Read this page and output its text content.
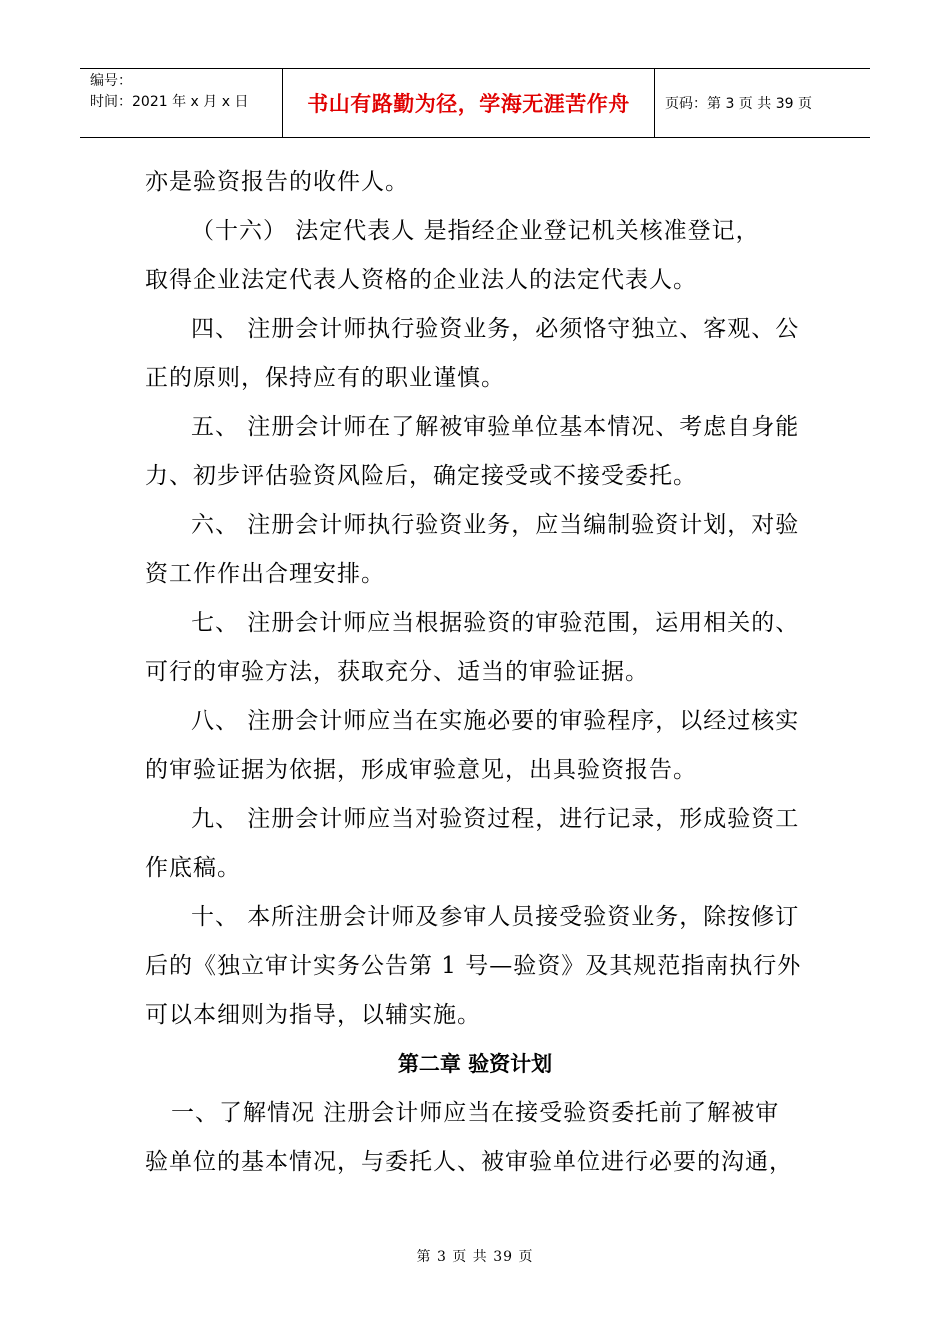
编号：
时间：2021 年 x 月 x 日	书山有路勤为径，学海无涯苦作舟	页码：第 3 页 共 39 页

亦是验资报告的收件人。

（十六） 法定代表人 是指经企业登记机关核准登记，

取得企业法定代表人资格的企业法人的法定代表人。

四、 注册会计师执行验资业务，必须恪守独立、客观、公

正的原则，保持应有的职业谨慎。

五、 注册会计师在了解被审验单位基本情况、考虑自身能

力、初步评估验资风险后，确定接受或不接受委托。

六、 注册会计师执行验资业务，应当编制验资计划，对验

资工作作出合理安排。

七、 注册会计师应当根据验资的审验范围，运用相关的、

可行的审验方法，获取充分、适当的审验证据。

八、 注册会计师应当在实施必要的审验程序，以经过核实

的审验证据为依据，形成审验意见，出具验资报告。

九、 注册会计师应当对验资过程，进行记录，形成验资工

作底稿。

十、 本所注册会计师及参审人员接受验资业务，除按修订

后的《独立审计实务公告第 1 号—验资》及其规范指南执行外

可以本细则为指导，以辅实施。

第二章 验资计划

一、了解情况 注册会计师应当在接受验资委托前了解被审

验单位的基本情况，与委托人、被审验单位进行必要的沟通，

第 3 页 共 39 页
